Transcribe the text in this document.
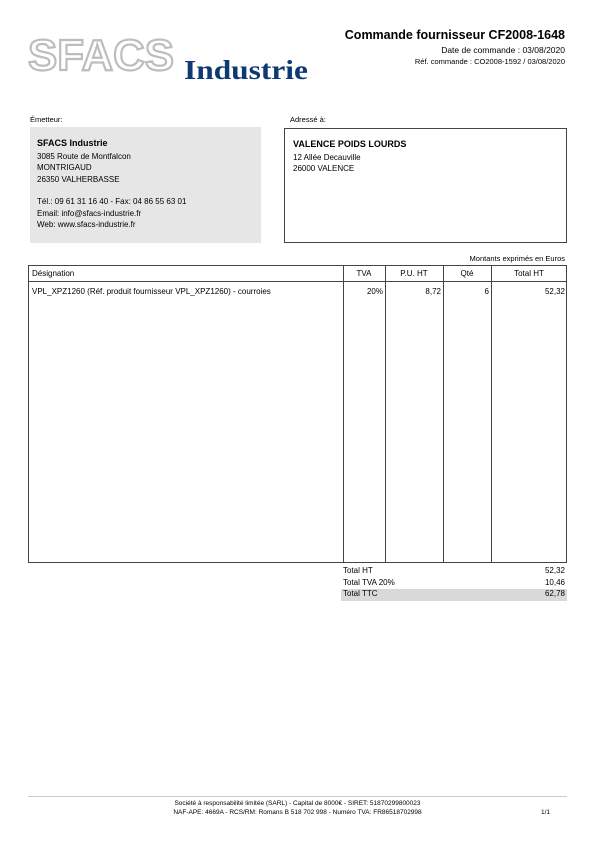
SFACS Industrie
Commande fournisseur CF2008-1648
Date de commande : 03/08/2020
Réf. commande : CO2008-1592 / 03/08/2020
Émetteur:
SFACS Industrie
3085 Route de Montfalcon
MONTRIGAUD
26350 VALHERBASSE
Tél.: 09 61 31 16 40 - Fax: 04 86 55 63 01
Email: info@sfacs-industrie.fr
Web: www.sfacs-industrie.fr
Adressé à:
VALENCE POIDS LOURDS
12 Allée Decauville
26000 VALENCE
Montants exprimés en Euros
Désignation	TVA	P.U. HT	Qté	Total HT
VPL_XPZ1260 (Réf. produit fournisseur VPL_XPZ1260) - courroies	20%	8,72	6	52,32
Total HT	52,32
Total TVA 20%	10,46
Total TTC	62,78
Société à responsabilité limitée (SARL) - Capital de 8000€ - SIRET: 51870299800023
NAF-APE: 4669A - RCS/RM: Romans B 518 702 998 - Numéro TVA: FR86518702998	1/1
